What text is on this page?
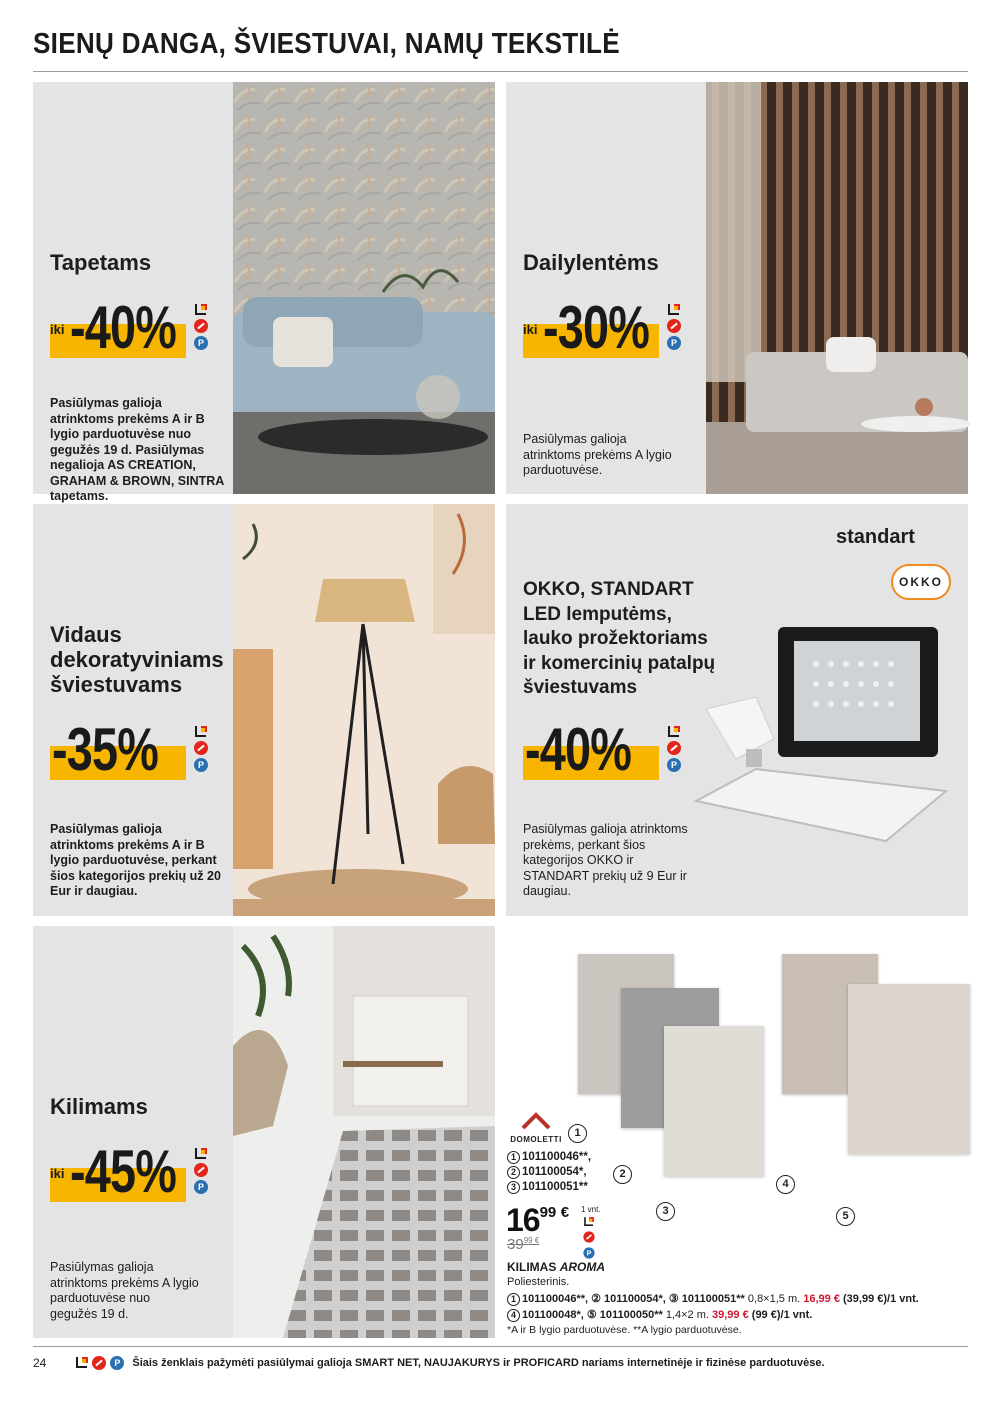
SIENŲ DANGA, ŠVIESTUVAI, NAMŲ TEKSTILĖ
Tapetams
iki -40%	P
Pasiūlymas galioja atrinktoms prekėms A ir B lygio parduotuvėse nuo gegužės 19 d. Pasiūlymas negalioja AS CREATION, GRAHAM & BROWN, SINTRA tapetams.
Dailylentėms
iki -30%	P
Pasiūlymas galioja atrinktoms prekėms A lygio parduotuvėse.
Vidaus
dekoratyviniams
šviestuvams
-35%	P
Pasiūlymas galioja atrinktoms prekėms A ir B lygio parduotuvėse, perkant šios kategorijos prekių už 20 Eur ir daugiau.
standart
OKKO
OKKO, STANDART
LED lemputėms,
lauko prožektoriams
ir komercinių patalpų
šviestuvams
-40%	P
Pasiūlymas galioja atrinktoms prekėms, perkant šios kategorijos OKKO ir STANDART prekių už 9 Eur ir daugiau.
Kilimams
iki -45%	P
Pasiūlymas galioja atrinktoms prekėms A lygio parduotuvėse nuo gegužės 19 d.
1
2
3
4
5
DOMOLETTI
1 101100046**,
2 101100054*,
3 101100051**
1699 € 1 vnt.
P
$39^{99 €}$
KILIMAS AROMA
Poliesterinis.
1 101100046**, ② 101100054*, ③ 101100051** 0,8×1,5 m. 16,99 € (39,99 €)/1 vnt.
4 101100048*, ⑤ 101100050** 1,4×2 m. 39,99 € (99 €)/1 vnt.
*A ir B lygio parduotuvėse. **A lygio parduotuvėse.
24	P	Šiais ženklais pažymėti pasiūlymai galioja SMART NET, NAUJAKURYS ir PROFICARD nariams internetinėje ir fizinėse parduotuvėse.
